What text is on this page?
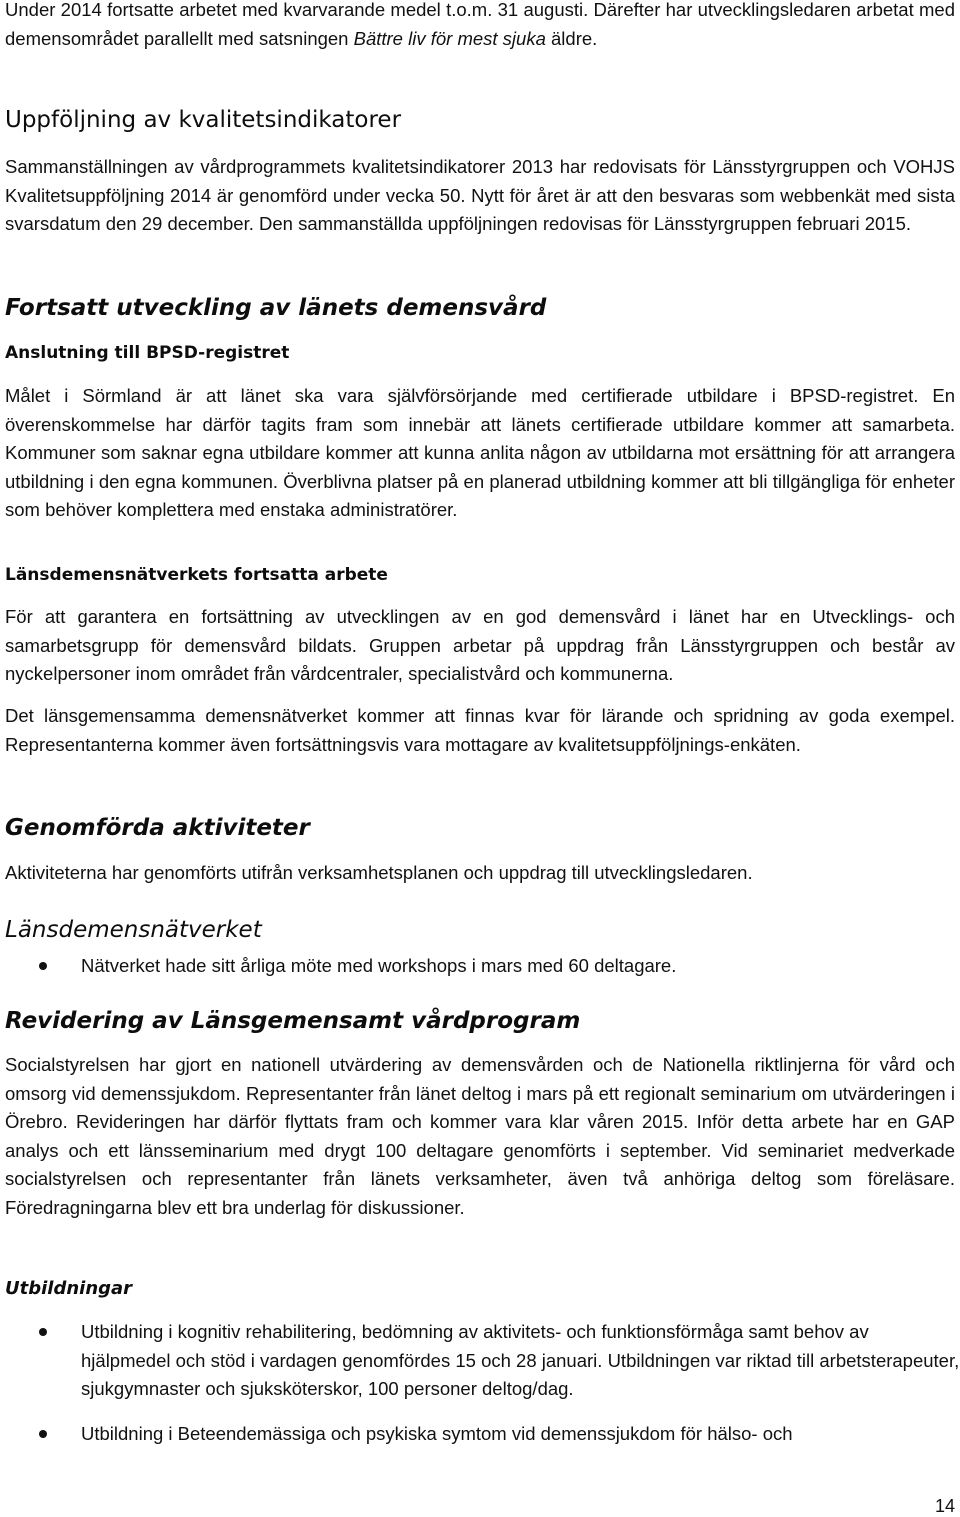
Under 2014 fortsatte arbetet med kvarvarande medel t.o.m. 31 augusti. Därefter har utvecklingsledaren arbetat med demensområdet parallellt med satsningen Bättre liv för mest sjuka äldre.

Uppföljning av kvalitetsindikatorer

Sammanställningen av vårdprogrammets kvalitetsindikatorer 2013 har redovisats för Länsstyrgruppen och VOHJS Kvalitetsuppföljning 2014 är genomförd under vecka 50. Nytt för året är att den besvaras som webbenkät med sista svarsdatum den 29 december. Den sammanställda uppföljningen redovisas för Länsstyrgruppen februari 2015.

Fortsatt utveckling av länets demensvård
Anslutning till BPSD-registret

Målet i Sörmland är att länet ska vara självförsörjande med certifierade utbildare i BPSD-registret. En överenskommelse har därför tagits fram som innebär att länets certifierade utbildare kommer att samarbeta. Kommuner som saknar egna utbildare kommer att kunna anlita någon av utbildarna mot ersättning för att arrangera utbildning i den egna kommunen. Överblivna platser på en planerad utbildning kommer att bli tillgängliga för enheter som behöver komplettera med enstaka administratörer.

Länsdemensnätverkets fortsatta arbete

För att garantera en fortsättning av utvecklingen av en god demensvård i länet har en Utvecklings- och samarbetsgrupp för demensvård bildats. Gruppen arbetar på uppdrag från Länsstyrgruppen och består av nyckelpersoner inom området från vårdcentraler, specialistvård och kommunerna.

Det länsgemensamma demensnätverket kommer att finnas kvar för lärande och spridning av goda exempel. Representanterna kommer även fortsättningsvis vara mottagare av kvalitetsuppföljnings-enkäten.

Genomförda aktiviteter

Aktiviteterna har genomförts utifrån verksamhetsplanen och uppdrag till utvecklingsledaren.

Länsdemensnätverket
Nätverket hade sitt årliga möte med workshops i mars med 60 deltagare.
Revidering av Länsgemensamt vårdprogram

Socialstyrelsen har gjort en nationell utvärdering av demensvården och de Nationella riktlinjerna för vård och omsorg vid demenssjukdom. Representanter från länet deltog i mars på ett regionalt seminarium om utvärderingen i Örebro. Revideringen har därför flyttats fram och kommer vara klar våren 2015. Inför detta arbete har en GAP analys och ett länsseminarium med drygt 100 deltagare genomförts i september. Vid seminariet medverkade socialstyrelsen och representanter från länets verksamheter, även två anhöriga deltog som föreläsare. Föredragningarna blev ett bra underlag för diskussioner.

Utbildningar
Utbildning i kognitiv rehabilitering, bedömning av aktivitets- och funktionsförmåga samt behov av hjälpmedel och stöd i vardagen genomfördes 15 och 28 januari. Utbildningen var riktad till arbetsterapeuter, sjukgymnaster och sjuksköterskor, 100 personer deltog/dag.
Utbildning i Beteendemässiga och psykiska symtom vid demenssjukdom för hälso- och
14
